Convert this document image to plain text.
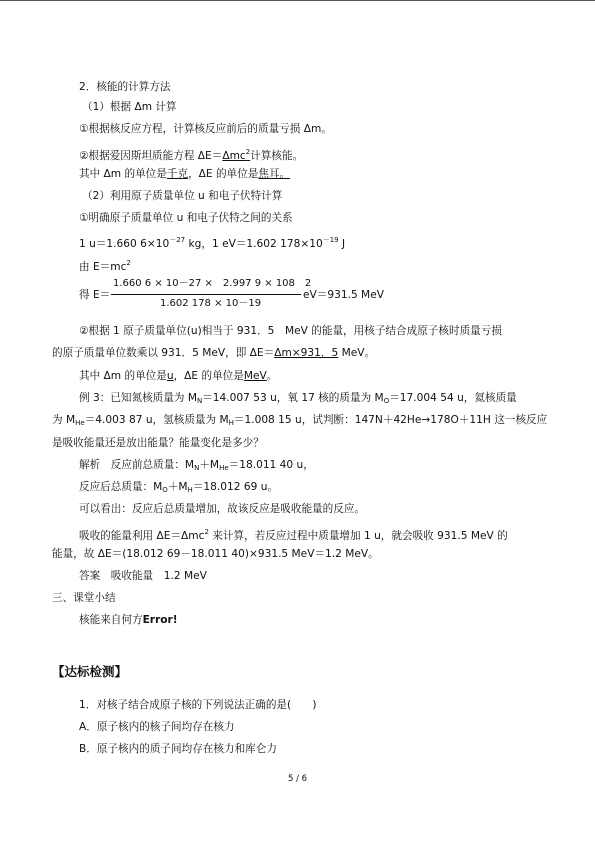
2．核能的计算方法
（1）根据 Δm 计算
①根据核反应方程，计算核反应前后的质量亏损 Δm。
②根据爱因斯坦质能方程 ΔE＝Δmc$^2$计算核能。
其中 Δm 的单位是千克，ΔE 的单位是焦耳。
（2）利用原子质量单位 u 和电子伏特计算
①明确原子质量单位 u 和电子伏特之间的关系
1 u＝1.660 $6\times 10^{-27}$ kg，1 eV＝1.602 $178\times 10^{-19}$ J
由 $E=mc^2$
1.660 6 × 10－27 ×　2.997 9 × 108　2
得 E＝	eV＝931.5 MeV
1.602 178 × 10－19
②根据 1 原子质量单位(u)相当于 931．5　MeV 的能量，用核子结合成原子核时质量亏损
的原子质量单位数乘以 931．5 MeV，即 ΔE＝Δm×931．5 MeV。
其中 Δm 的单位是u，ΔE 的单位是MeV。
例 3：已知氮核质量为 $M_N=14.007$ 53 u，氧 17 核的质量为 $M_O=17.004$ 54 u，氦核质量
为 $M_{He}=4.003$ 87 u，氢核质量为 $M_H=1.008$ 15 u，试判断：147N＋42He→178O＋11H 这一核反应
是吸收能量还是放出能量？能量变化是多少？
解析　反应前总质量：$M_N+M_{He}=18.011$ 40 u，
反应后总质量：$M_O+M_H=18.012$ 69 u。
可以看出：反应后总质量增加，故该反应是吸收能量的反应。
吸收的能量利用 ΔE＝Δmc$^2$ 来计算，若反应过程中质量增加 1 u，就会吸收 931.5 MeV 的
能量，故 ΔE＝(18.012 69－18.011 40)×931.5 MeV＝1.2 MeV。
答案　吸收能量　1.2 MeV
三、课堂小结
核能来自何方Error!
【达标检测】
1．对核子结合成原子核的下列说法正确的是(　　)
A．原子核内的核子间均存在核力
B．原子核内的质子间均存在核力和库仑力
5 / 6
